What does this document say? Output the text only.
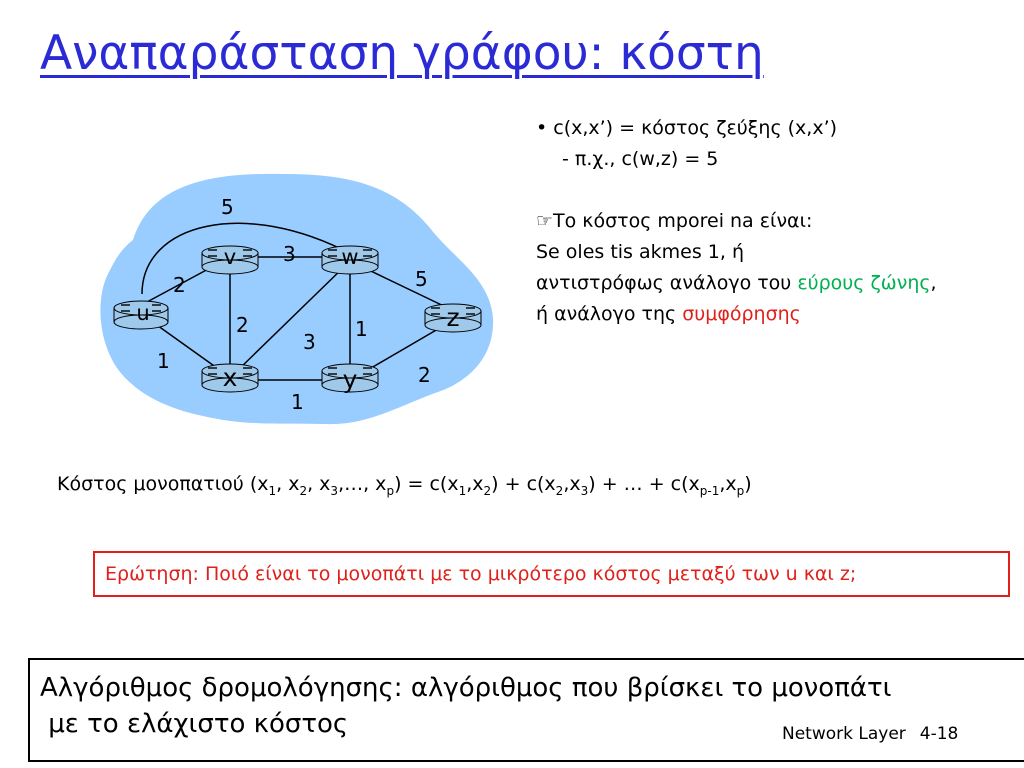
Αναπαράσταση γράφου: κόστη
• c(x,x’) = κόστος ζεύξης (x,x’)
- π.χ., c(w,z) = 5
☞Το κόστος mporei na είναι:
Se oles tis akmes 1, ή
αντιστρόφως ανάλογο του εύρους ζώνης,
ή ανάλογο της συμφόρησης
5
3
2	5
2
3
1
1
2
1
u
v	w
z
x	y
Κόστος μονοπατιού ($x_1$, $x_2$, $x_3,\dots$, $x_p) = c(x_1,x_2) + c(x_2,x_3)$ + … + $c(x_{p-1},x_p)$
Ερώτηση: Ποιό είναι το μονοπάτι με το μικρότερο κόστος μεταξύ των u και z;
Αλγόριθμος δρομολόγησης: αλγόριθμος που βρίσκει το μονοπάτι
με το ελάχιστο κόστος	Network Layer 4-18
